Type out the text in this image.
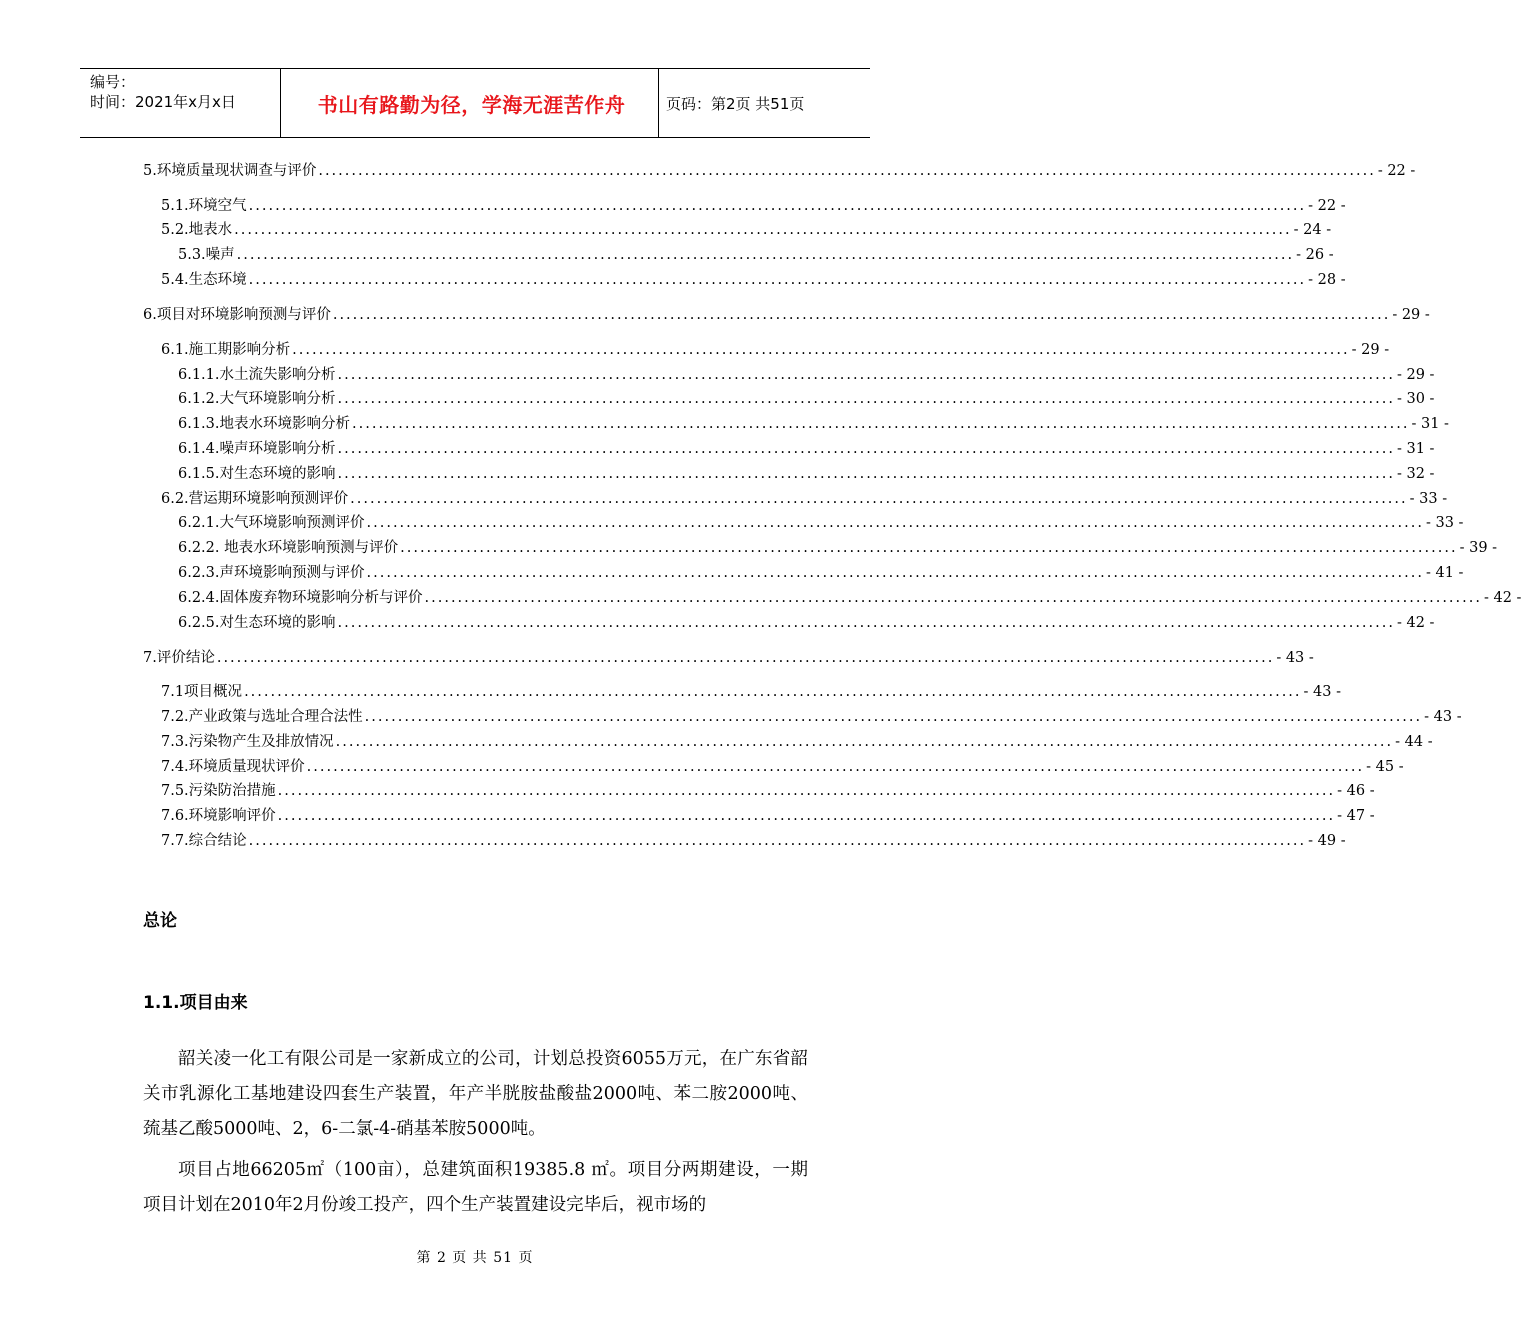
编号：
时间：2021年x月x日	书山有路勤为径，学海无涯苦作舟	页码：第2页 共51页
5.环境质量现状调查与评价 ................................................................................................................................................................ - 22 -
5.1.环境空气 ................................................................................................................................................................ - 22 -
5.2.地表水 ................................................................................................................................................................ - 24 -
5.3.噪声 ................................................................................................................................................................ - 26 -
5.4.生态环境 ................................................................................................................................................................ - 28 -
6.项目对环境影响预测与评价 ................................................................................................................................................................ - 29 -
6.1.施工期影响分析 ................................................................................................................................................................ - 29 -
6.1.1.水土流失影响分析 ................................................................................................................................................................ - 29 -
6.1.2.大气环境影响分析 ................................................................................................................................................................ - 30 -
6.1.3.地表水环境影响分析 ................................................................................................................................................................ - 31 -
6.1.4.噪声环境影响分析 ................................................................................................................................................................ - 31 -
6.1.5.对生态环境的影响 ................................................................................................................................................................ - 32 -
6.2.营运期环境影响预测评价 ................................................................................................................................................................ - 33 -
6.2.1.大气环境影响预测评价 ................................................................................................................................................................ - 33 -
6.2.2. 地表水环境影响预测与评价 ................................................................................................................................................................ - 39 -
6.2.3.声环境影响预测与评价 ................................................................................................................................................................ - 41 -
6.2.4.固体废弃物环境影响分析与评价 ................................................................................................................................................................ - 42 -
6.2.5.对生态环境的影响 ................................................................................................................................................................ - 42 -
7.评价结论 ................................................................................................................................................................ - 43 -
7.1项目概况 ................................................................................................................................................................ - 43 -
7.2.产业政策与选址合理合法性 ................................................................................................................................................................ - 43 -
7.3.污染物产生及排放情况 ................................................................................................................................................................ - 44 -
7.4.环境质量现状评价 ................................................................................................................................................................ - 45 -
7.5.污染防治措施 ................................................................................................................................................................ - 46 -
7.6.环境影响评价 ................................................................................................................................................................ - 47 -
7.7.综合结论 ................................................................................................................................................................ - 49 -
总论
1.1.项目由来

韶关凌一化工有限公司是一家新成立的公司，计划总投资6055万元，在广东省韶关市乳源化工基地建设四套生产装置，年产半胱胺盐酸盐2000吨、苯二胺2000吨、巯基乙酸5000吨、2，6-二氯-4-硝基苯胺5000吨。

项目占地66205㎡（100亩），总建筑面积19385.8 ㎡。项目分两期建设，一期项目计划在2010年2月份竣工投产，四个生产装置建设完毕后，视市场的

第 2 页 共 51 页
